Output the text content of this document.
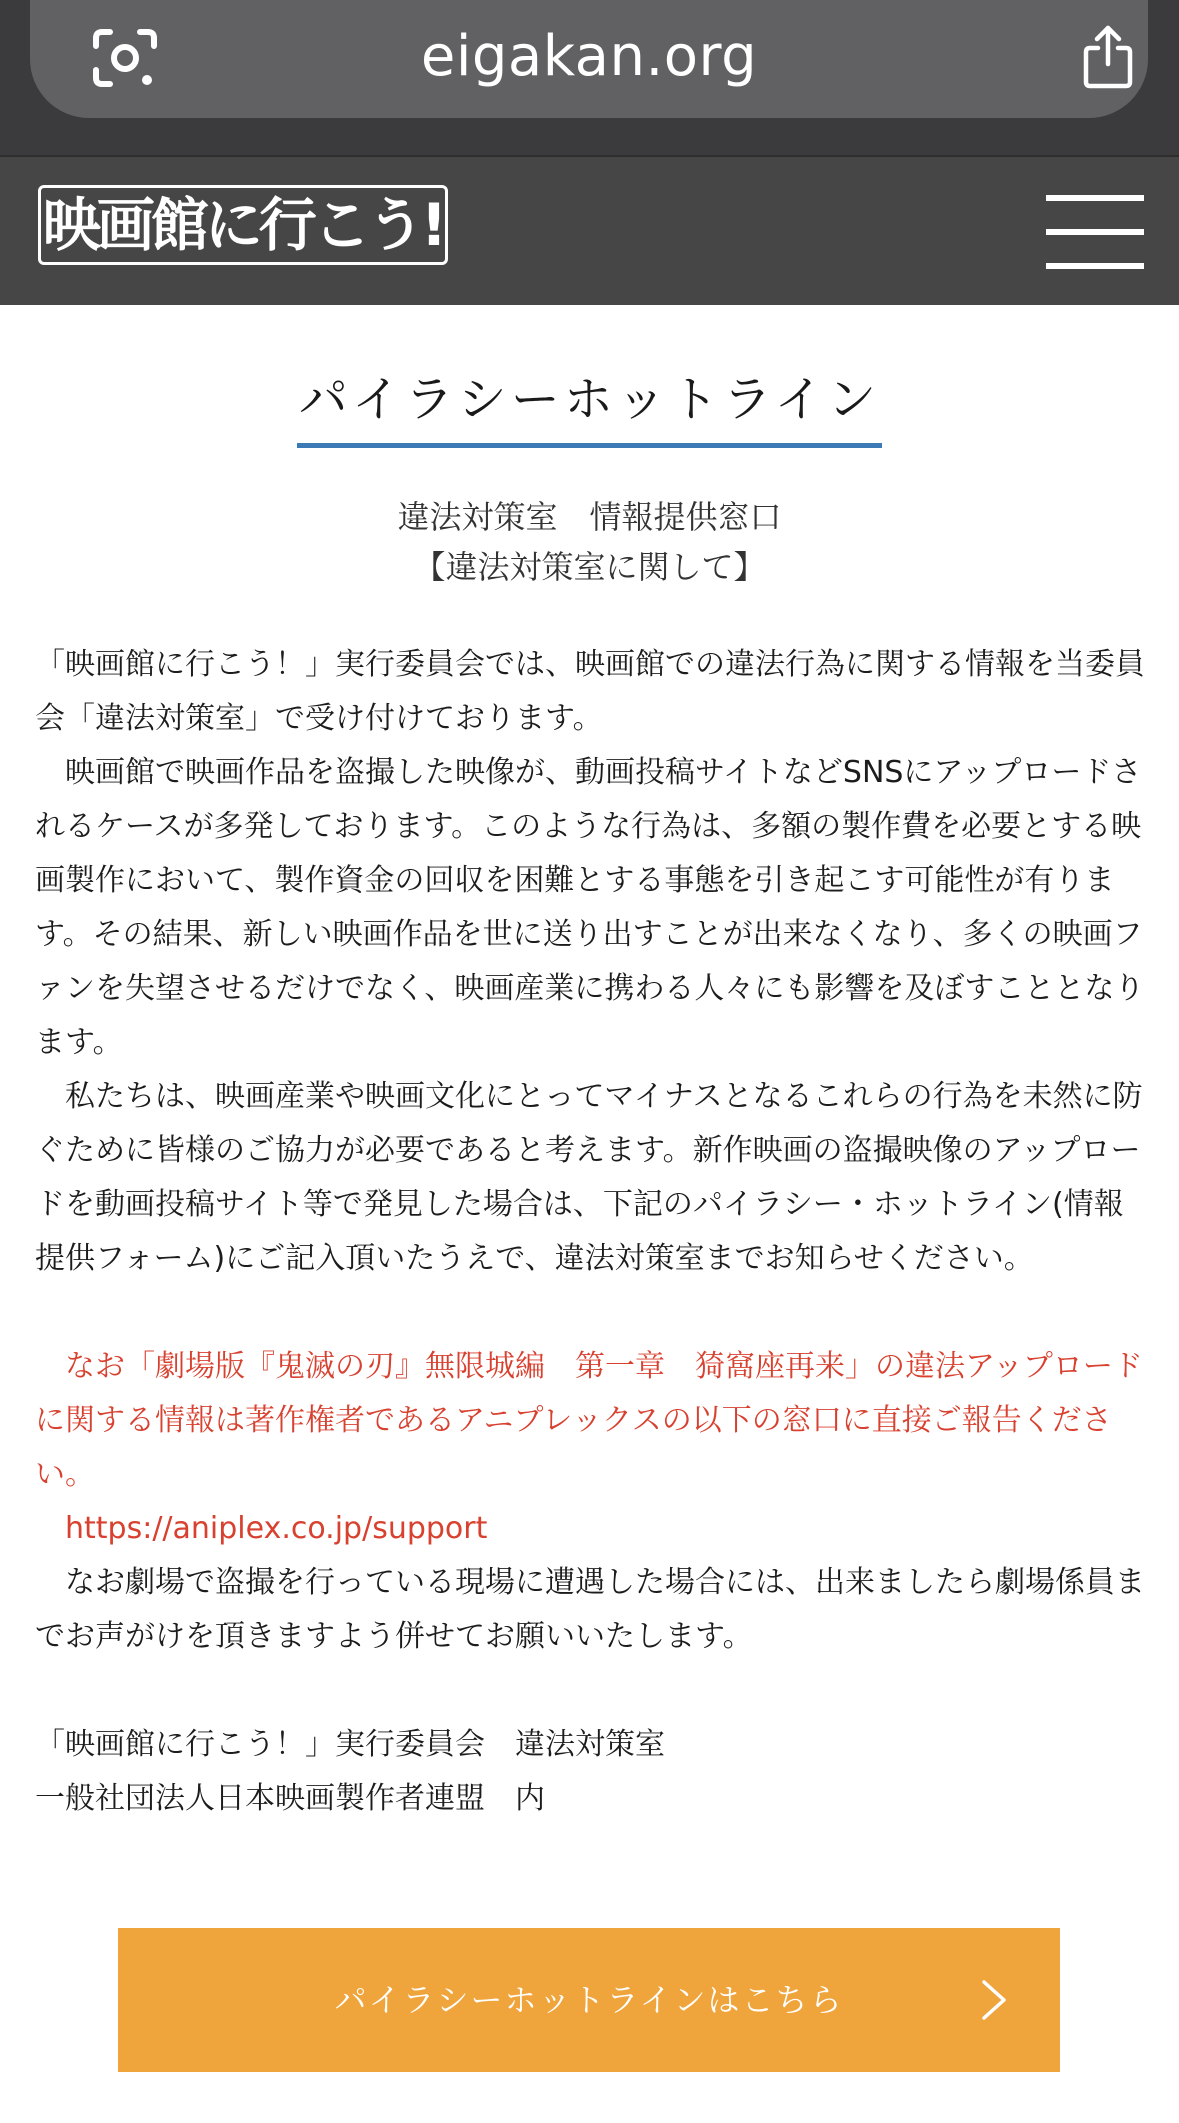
eigakan.org
映画館に行こう!
パイラシーホットライン
違法対策室　情報提供窓口
【違法対策室に関して】

「映画館に行こう！」実行委員会では、映画館での違法行為に関する情報を当委員会「違法対策室」で受け付けております。

　映画館で映画作品を盗撮した映像が、動画投稿サイトなどSNSにアップロードされるケースが多発しております。このような行為は、多額の製作費を必要とする映画製作において、製作資金の回収を困難とする事態を引き起こす可能性が有ります。その結果、新しい映画作品を世に送り出すことが出来なくなり、多くの映画ファンを失望させるだけでなく、映画産業に携わる人々にも影響を及ぼすこととなります。

　私たちは、映画産業や映画文化にとってマイナスとなるこれらの行為を未然に防ぐために皆様のご協力が必要であると考えます。新作映画の盗撮映像のアップロードを動画投稿サイト等で発見した場合は、下記のパイラシー・ホットライン(情報提供フォーム)にご記入頂いたうえで、違法対策室までお知らせください。

　なお「劇場版『鬼滅の刃』無限城編　第一章　猗窩座再来」の違法アップロードに関する情報は著作権者であるアニプレックスの以下の窓口に直接ご報告ください。

　https://aniplex.co.jp/support

　なお劇場で盗撮を行っている現場に遭遇した場合には、出来ましたら劇場係員までお声がけを頂きますよう併せてお願いいたします。

「映画館に行こう！」実行委員会　違法対策室

一般社団法人日本映画製作者連盟　内

パイラシーホットラインはこちら
